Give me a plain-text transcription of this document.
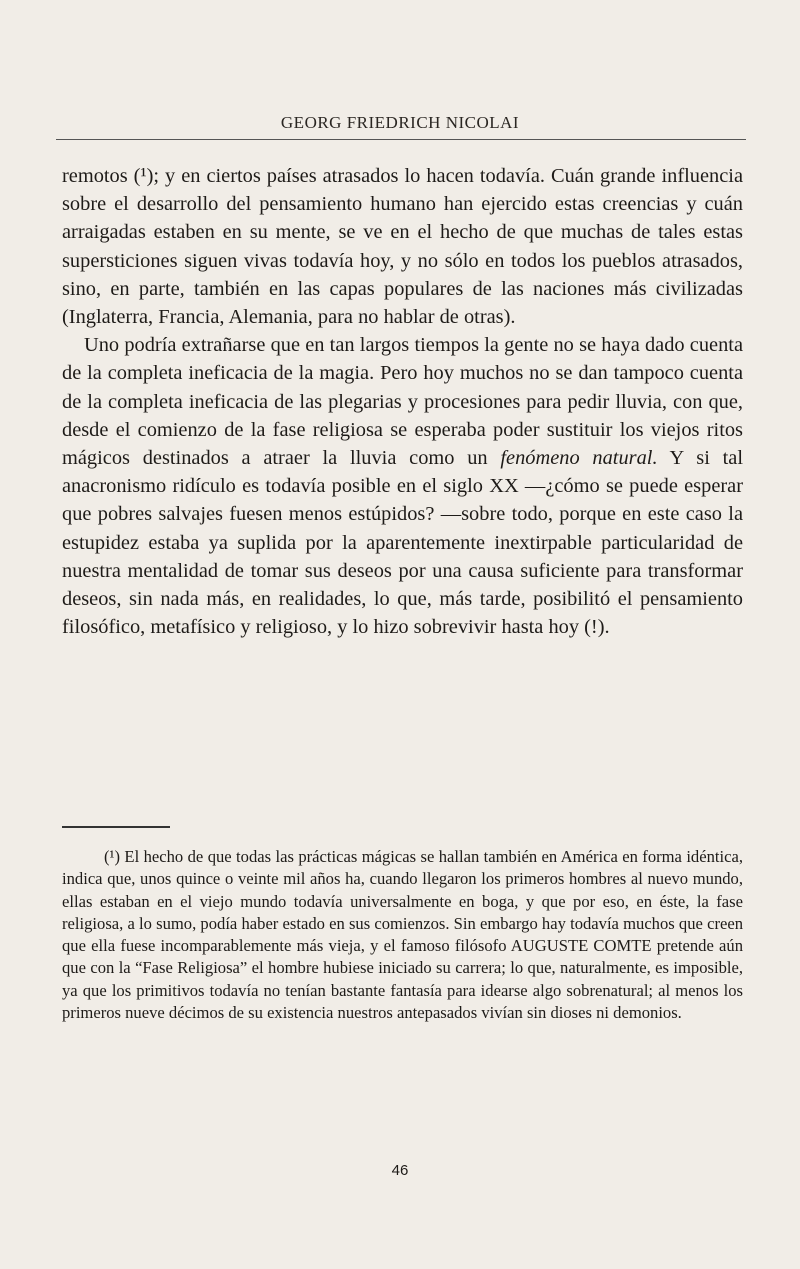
GEORG FRIEDRICH NICOLAI

remotos (¹); y en ciertos países atrasados lo hacen todavía. Cuán grande influencia sobre el desarrollo del pensamiento humano han ejercido estas creencias y cuán arraigadas estaben en su mente, se ve en el hecho de que muchas de tales estas supersticiones siguen vivas todavía hoy, y no sólo en todos los pueblos atrasados, sino, en parte, también en las capas populares de las naciones más civilizadas (Inglaterra, Francia, Alemania, para no hablar de otras).

Uno podría extrañarse que en tan largos tiempos la gente no se haya dado cuenta de la completa ineficacia de la magia. Pero hoy muchos no se dan tampoco cuenta de la completa ineficacia de las plegarias y procesiones para pedir lluvia, con que, desde el comienzo de la fase religiosa se esperaba poder sustituir los viejos ritos mágicos destinados a atraer la lluvia como un fenómeno natural. Y si tal anacronismo ridículo es todavía posible en el siglo XX —¿cómo se puede esperar que pobres salvajes fuesen menos estúpidos? —sobre todo, porque en este caso la estupidez estaba ya suplida por la aparentemente inextirpable particularidad de nuestra mentalidad de tomar sus deseos por una causa suficiente para transformar deseos, sin nada más, en realidades, lo que, más tarde, posibilitó el pensamiento filosófico, metafísico y religioso, y lo hizo sobrevivir hasta hoy (!).

(¹) El hecho de que todas las prácticas mágicas se hallan también en América en forma idéntica, indica que, unos quince o veinte mil años ha, cuando llegaron los primeros hombres al nuevo mundo, ellas estaban en el viejo mundo todavía universalmente en boga, y que por eso, en éste, la fase religiosa, a lo sumo, podía haber estado en sus comienzos. Sin embargo hay todavía muchos que creen que ella fuese incomparablemente más vieja, y el famoso filósofo AUGUSTE COMTE pretende aún que con la “Fase Religiosa” el hombre hubiese iniciado su carrera; lo que, naturalmente, es imposible, ya que los primitivos todavía no tenían bastante fantasía para idearse algo sobrenatural; al menos los primeros nueve décimos de su existencia nuestros antepasados vivían sin dioses ni demonios.

46
